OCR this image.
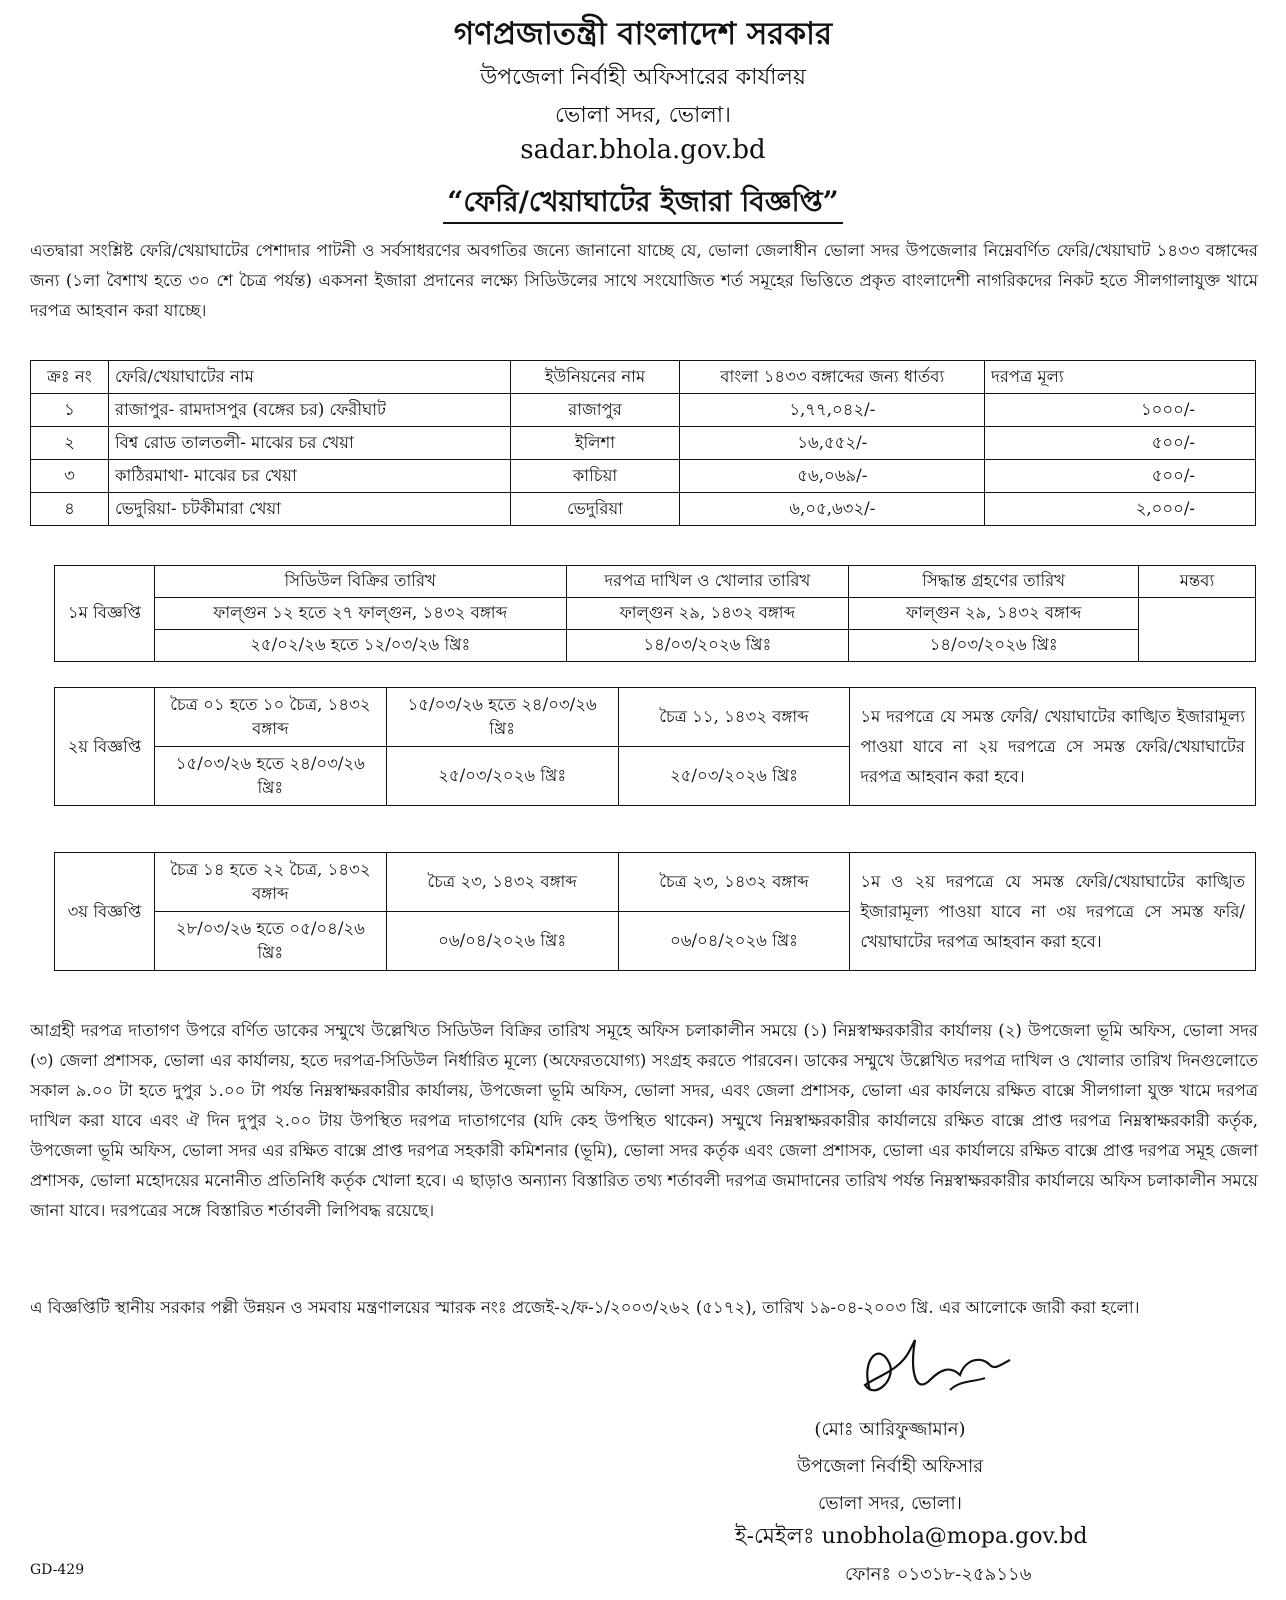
গণপ্রজাতন্ত্রী বাংলাদেশ সরকার
উপজেলা নির্বাহী অফিসারের কার্যালয়
ভোলা সদর, ভোলা।
sadar.bhola.gov.bd
“ফেরি/খেয়াঘাটের ইজারা বিজ্ঞপ্তি”

এতদ্বারা সংশ্লিষ্ট ফেরি/খেয়াঘাটের পেশাদার পাটনী ও সর্বসাধরণের অবগতির জন্যে জানানো যাচ্ছে যে, ভোলা জেলাধীন ভোলা সদর উপজেলার নিম্নেবর্ণিত ফেরি/খেয়াঘাট ১৪৩৩ বঙ্গাব্দের জন্য (১লা বৈশাখ হতে ৩০ শে চৈত্র পর্যন্ত) একসনা ইজারা প্রদানের লক্ষ্যে সিডিউলের সাথে সংযোজিত শর্ত সমূহের ভিত্তিতে প্রকৃত বাংলাদেশী নাগরিকদের নিকট হতে সীলগালাযুক্ত খামে দরপত্র আহবান করা যাচ্ছে।

ক্রঃ নং	ফেরি/খেয়াঘাটের নাম	ইউনিয়নের নাম	বাংলা ১৪৩৩ বঙ্গাব্দের জন্য ধার্তব্য	দরপত্র মূল্য
১	রাজাপুর- রামদাসপুর (বঙ্গের চর) ফেরীঘাট	রাজাপুর	১,৭৭,০৪২/-	১০০০/-
২	বিশ্ব রোড তালতলী- মাঝের চর খেয়া	ইলিশা	১৬,৫৫২/-	৫০০/-
৩	কাঠিরমাথা- মাঝের চর খেয়া	কাচিয়া	৫৬,০৬৯/-	৫০০/-
৪	ভেদুরিয়া- চটকীমারা খেয়া	ভেদুরিয়া	৬,০৫,৬৩২/-	২,০০০/-
১ম বিজ্ঞপ্তি	সিডিউল বিক্রির তারিখ	দরপত্র দাখিল ও খোলার তারিখ	সিদ্ধান্ত গ্রহণের তারিখ	মন্তব্য
	ফাল্গুন ১২ হতে ২৭ ফাল্গুন, ১৪৩২ বঙ্গাব্দ	ফাল্গুন ২৯, ১৪৩২ বঙ্গাব্দ	ফাল্গুন ২৯, ১৪৩২ বঙ্গাব্দ	
	২৫/০২/২৬ হতে ১২/০৩/২৬ খ্রিঃ	১৪/০৩/২০২৬ খ্রিঃ	১৪/০৩/২০২৬ খ্রিঃ	
২য় বিজ্ঞপ্তি	চৈত্র ০১ হতে ১০ চৈত্র, ১৪৩২ বঙ্গাব্দ	১৫/০৩/২৬ হতে ২৪/০৩/২৬ খ্রিঃ	চৈত্র ১১, ১৪৩২ বঙ্গাব্দ	১ম দরপত্রে যে সমস্ত ফেরি/ খেয়াঘাটের কাঙ্খিত ইজারামূল্য পাওয়া যাবে না ২য় দরপত্রে সে সমস্ত ফেরি/খেয়াঘাটের দরপত্র আহবান করা হবে।
	১৫/০৩/২৬ হতে ২৪/০৩/২৬ খ্রিঃ	২৫/০৩/২০২৬ খ্রিঃ	২৫/০৩/২০২৬ খ্রিঃ	
৩য় বিজ্ঞপ্তি	চৈত্র ১৪ হতে ২২ চৈত্র, ১৪৩২ বঙ্গাব্দ	চৈত্র ২৩, ১৪৩২ বঙ্গাব্দ	চৈত্র ২৩, ১৪৩২ বঙ্গাব্দ	১ম ও ২য় দরপত্রে যে সমস্ত ফেরি/খেয়াঘাটের কাঙ্খিত ইজারামূল্য পাওয়া যাবে না ৩য় দরপত্রে সে সমস্ত ফরি/খেয়াঘাটের দরপত্র আহবান করা হবে।
	২৮/০৩/২৬ হতে ০৫/০৪/২৬ খ্রিঃ	০৬/০৪/২০২৬ খ্রিঃ	০৬/০৪/২০২৬ খ্রিঃ	

আগ্রহী দরপত্র দাতাগণ উপরে বর্ণিত ডাকের সম্মুখে উল্লেখিত সিডিউল বিক্রির তারিখ সমূহে অফিস চলাকালীন সময়ে (১) নিম্নস্বাক্ষরকারীর কার্যালয় (২) উপজেলা ভূমি অফিস, ভোলা সদর (৩) জেলা প্রশাসক, ভোলা এর কার্যালয়, হতে দরপত্র-সিডিউল নির্ধারিত মূল্যে (অফেরতযোগ্য) সংগ্রহ করতে পারবেন। ডাকের সম্মুখে উল্লেখিত দরপত্র দাখিল ও খোলার তারিখ দিনগুলোতে সকাল ৯.০০ টা হতে দুপুর ১.০০ টা পর্যন্ত নিম্নস্বাক্ষরকারীর কার্যালয়, উপজেলা ভূমি অফিস, ভোলা সদর, এবং জেলা প্রশাসক, ভোলা এর কার্যলয়ে রক্ষিত বাক্সে সীলগালা যুক্ত খামে দরপত্র দাখিল করা যাবে এবং ঐ দিন দুপুর ২.০০ টায় উপস্থিত দরপত্র দাতাগণের (যদি কেহ উপস্থিত থাকেন) সম্মুখে নিম্নস্বাক্ষরকারীর কার্যালয়ে রক্ষিত বাক্সে প্রাপ্ত দরপত্র নিম্নস্বাক্ষরকারী কর্তৃক, উপজেলা ভূমি অফিস, ভোলা সদর এর রক্ষিত বাক্সে প্রাপ্ত দরপত্র সহকারী কমিশনার (ভূমি), ভোলা সদর কর্তৃক এবং জেলা প্রশাসক, ভোলা এর কার্যালয়ে রক্ষিত বাক্সে প্রাপ্ত দরপত্র সমূহ জেলা প্রশাসক, ভোলা মহোদয়ের মনোনীত প্রতিনিধি কর্তৃক খোলা হবে। এ ছাড়াও অন্যান্য বিস্তারিত তথ্য শর্তাবলী দরপত্র জমাদানের তারিখ পর্যন্ত নিম্নস্বাক্ষরকারীর কার্যালয়ে অফিস চলাকালীন সময়ে জানা যাবে। দরপত্রের সঙ্গে বিস্তারিত শর্তাবলী লিপিবদ্ধ রয়েছে।

এ বিজ্ঞপ্তিটি স্থানীয় সরকার পল্লী উন্নয়ন ও সমবায় মন্ত্রণালয়ের স্মারক নংঃ প্রজেই-২/ফ-১/২০০৩/২৬২ (৫১৭২), তারিখ ১৯-০৪-২০০৩ খ্রি. এর আলোকে জারী করা হলো।

(মোঃ আরিফুজ্জামান)
উপজেলা নির্বাহী অফিসার
ভোলা সদর, ভোলা।
ই-মেইলঃ unobhola@mopa.gov.bd
ফোনঃ ০১৩১৮-২৫৯১১৬
GD-429
